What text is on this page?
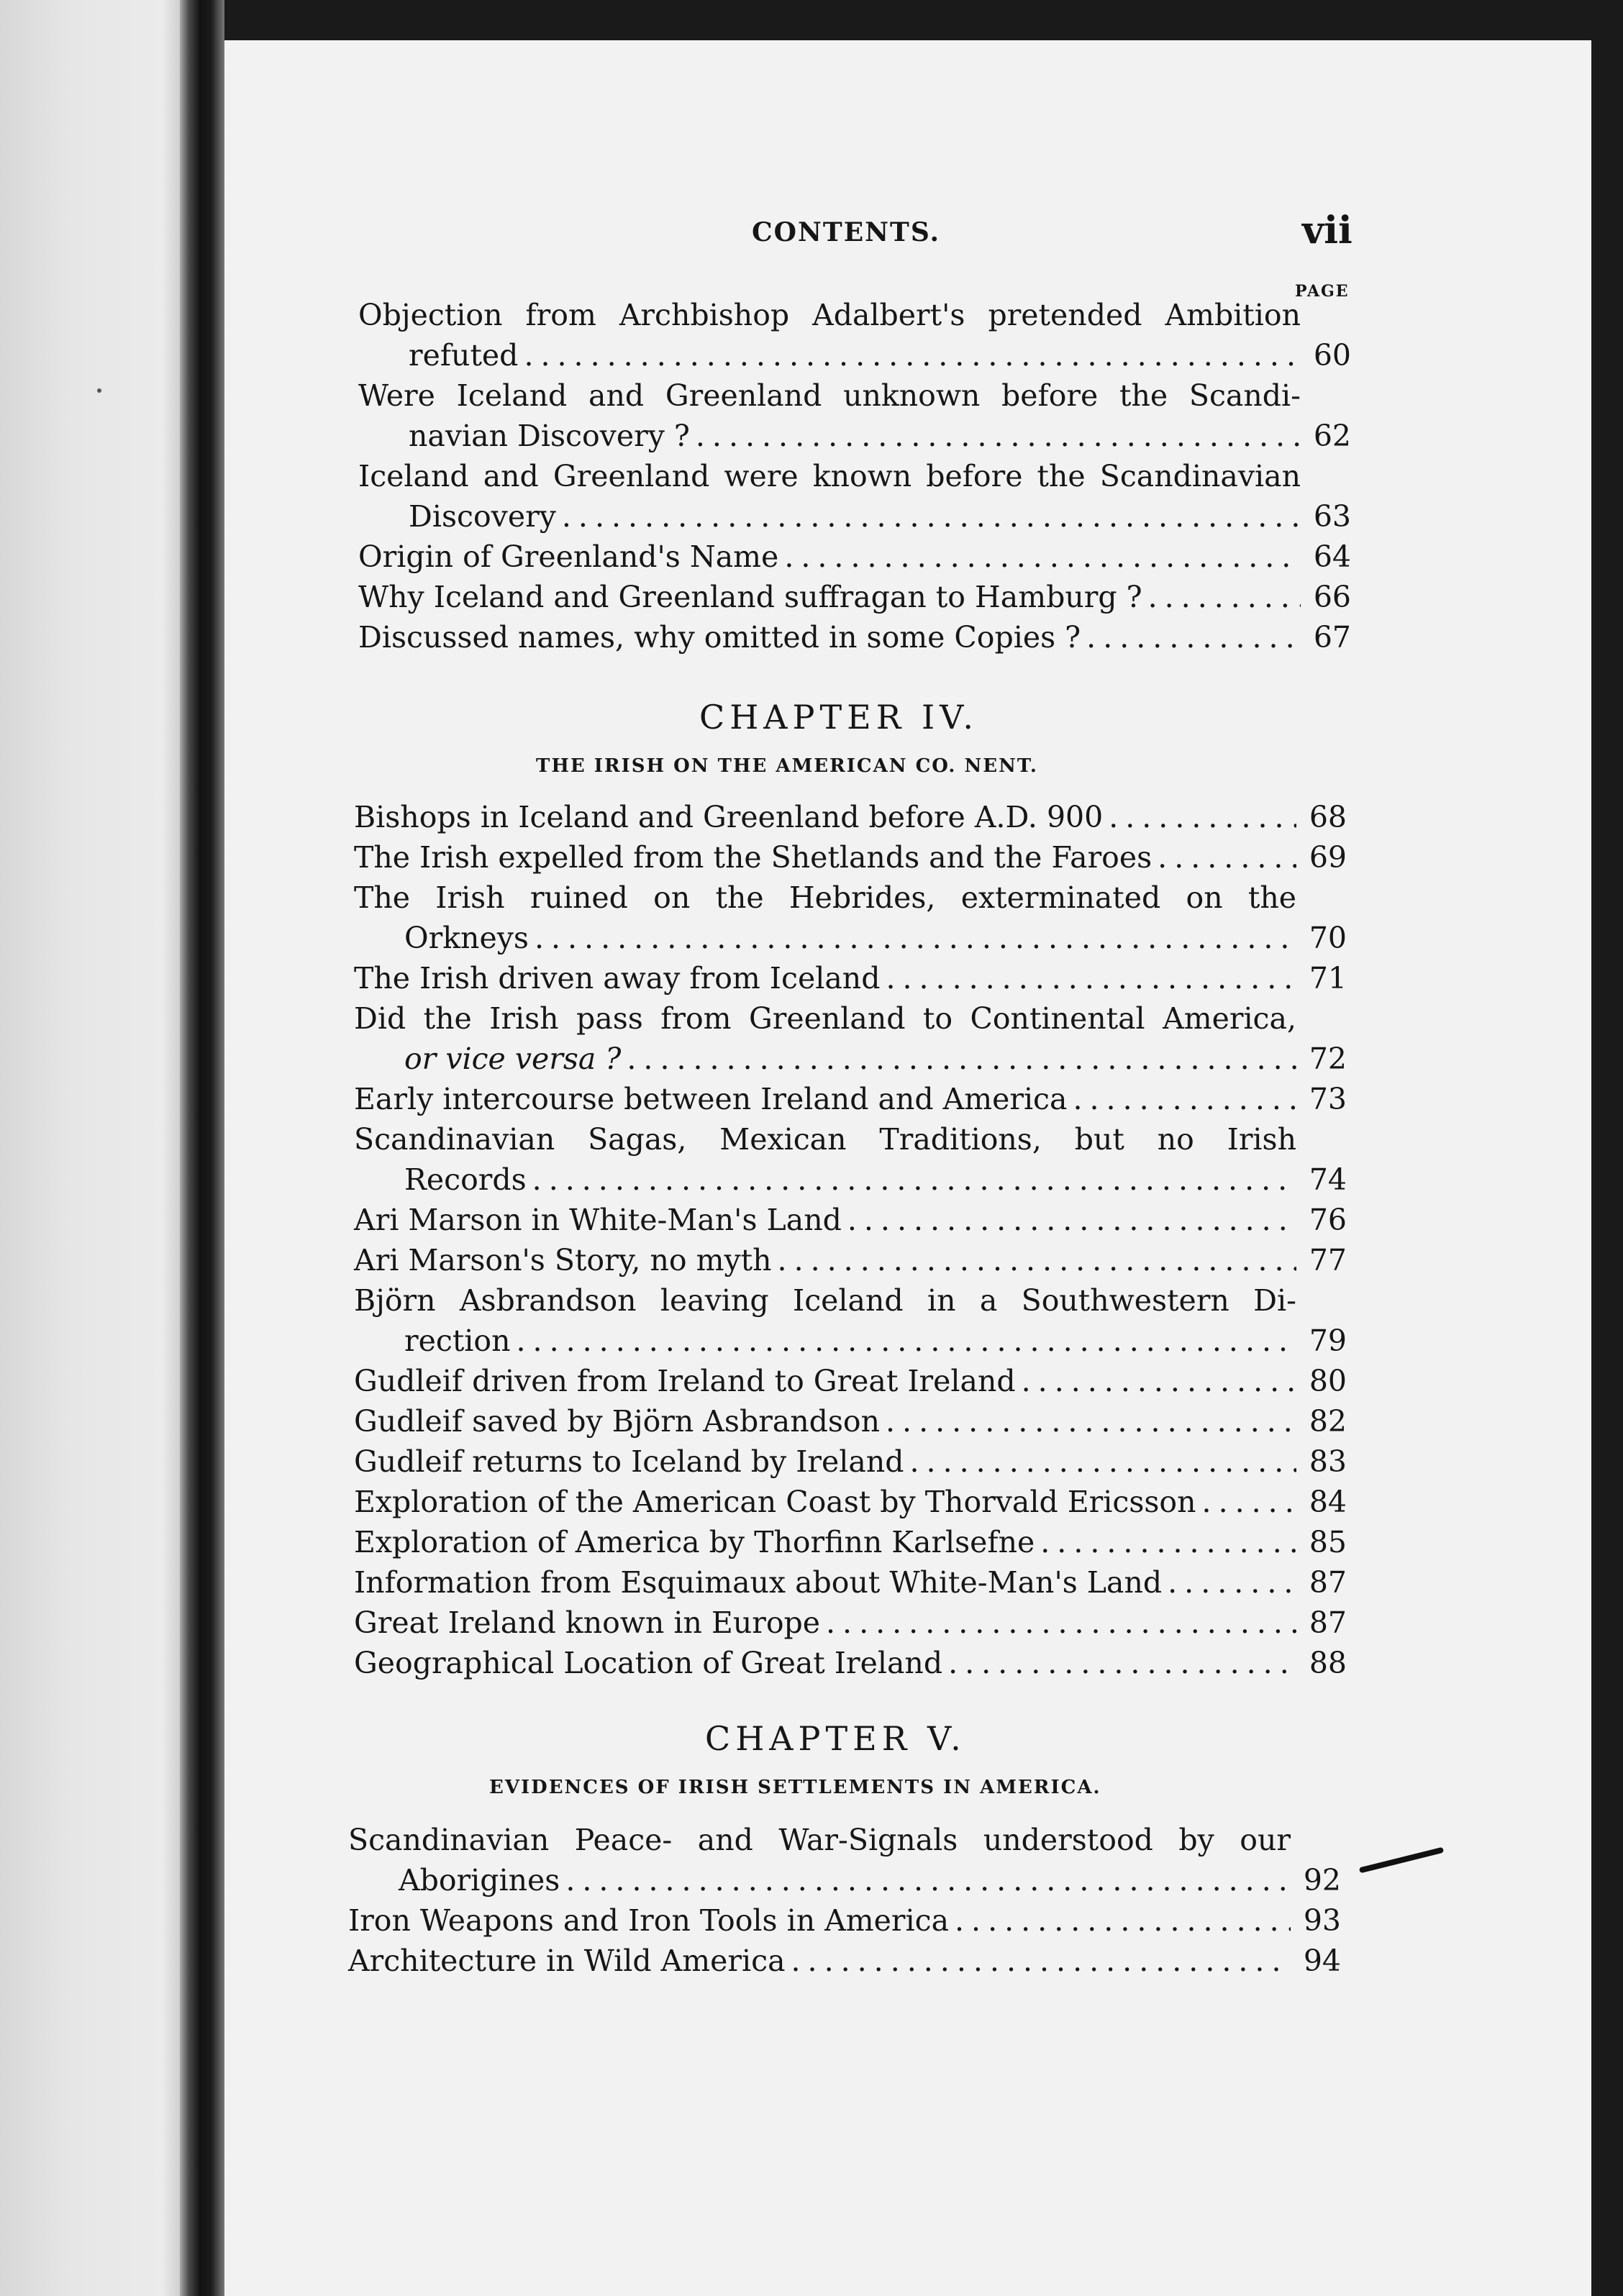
CONTENTS.	vii
PAGE
Objection from Archbishop Adalbert's pretended Ambition
refuted .....	60
Were Iceland and Greenland unknown before the Scandi-
navian Discovery ? .....	62
Iceland and Greenland were known before the Scandinavian
Discovery .....	63
Origin of Greenland's Name .....	64
Why Iceland and Greenland suffragan to Hamburg ? .....	66
Discussed names, why omitted in some Copies ? .....	67
CHAPTER IV.
THE IRISH ON THE AMERICAN CO. NENT.
Bishops in Iceland and Greenland before A.D. 900 .....	68
The Irish expelled from the Shetlands and the Faroes .....	69
The Irish ruined on the Hebrides, exterminated on the
Orkneys .....	70
The Irish driven away from Iceland .....	71
Did the Irish pass from Greenland to Continental America,
or vice versa ? .....	72
Early intercourse between Ireland and America .....	73
Scandinavian Sagas, Mexican Traditions, but no Irish
Records .....	74
Ari Marson in White-Man's Land .....	76
Ari Marson's Story, no myth .....	77
Björn Asbrandson leaving Iceland in a Southwestern Di-
rection .....	79
Gudleif driven from Ireland to Great Ireland .....	80
Gudleif saved by Björn Asbrandson .....	82
Gudleif returns to Iceland by Ireland .....	83
Exploration of the American Coast by Thorvald Ericsson .....	84
Exploration of America by Thorfinn Karlsefne .....	85
Information from Esquimaux about White-Man's Land .....	87
Great Ireland known in Europe .....	87
Geographical Location of Great Ireland .....	88
CHAPTER V.
EVIDENCES OF IRISH SETTLEMENTS IN AMERICA.
Scandinavian Peace- and War-Signals understood by our
Aborigines .....	92
Iron Weapons and Iron Tools in America .....	93
Architecture in Wild America .....	94
